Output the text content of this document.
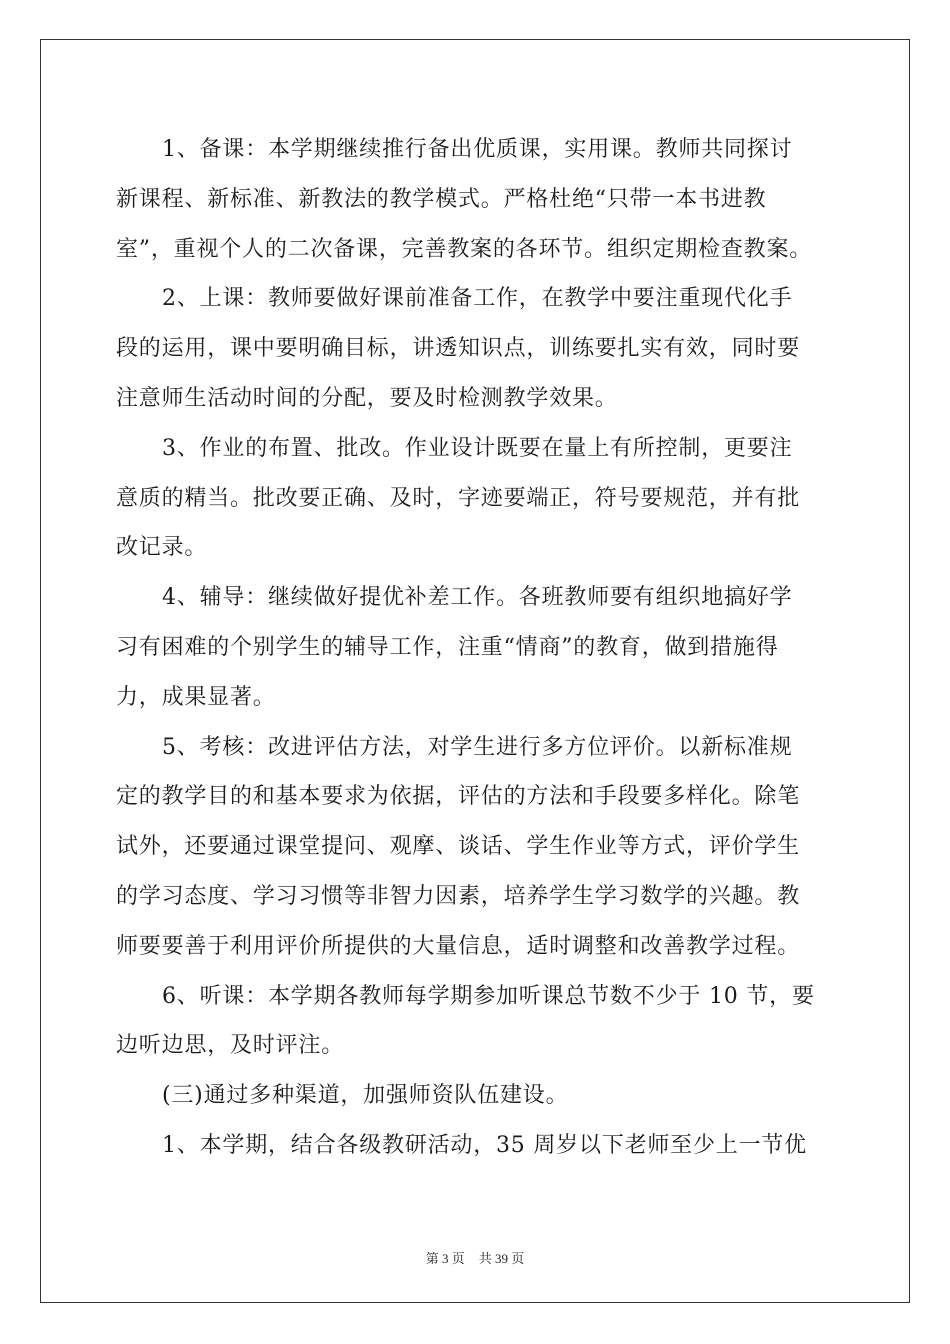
1、备课：本学期继续推行备出优质课，实用课。教师共同探讨
新课程、新标准、新教法的教学模式。严格杜绝“只带一本书进教
室”，重视个人的二次备课，完善教案的各环节。组织定期检查教案。
2、上课：教师要做好课前准备工作，在教学中要注重现代化手
段的运用，课中要明确目标，讲透知识点，训练要扎实有效，同时要
注意师生活动时间的分配，要及时检测教学效果。
3、作业的布置、批改。作业设计既要在量上有所控制，更要注
意质的精当。批改要正确、及时，字迹要端正，符号要规范，并有批
改记录。
4、辅导：继续做好提优补差工作。各班教师要有组织地搞好学
习有困难的个别学生的辅导工作，注重“情商”的教育，做到措施得
力，成果显著。
5、考核：改进评估方法，对学生进行多方位评价。以新标准规
定的教学目的和基本要求为依据，评估的方法和手段要多样化。除笔
试外，还要通过课堂提问、观摩、谈话、学生作业等方式，评价学生
的学习态度、学习习惯等非智力因素，培养学生学习数学的兴趣。教
师要要善于利用评价所提供的大量信息，适时调整和改善教学过程。
6、听课：本学期各教师每学期参加听课总节数不少于 10 节，要
边听边思，及时评注。
(三)通过多种渠道，加强师资队伍建设。
1、本学期，结合各级教研活动，35 周岁以下老师至少上一节优
第 3 页 共 39 页
